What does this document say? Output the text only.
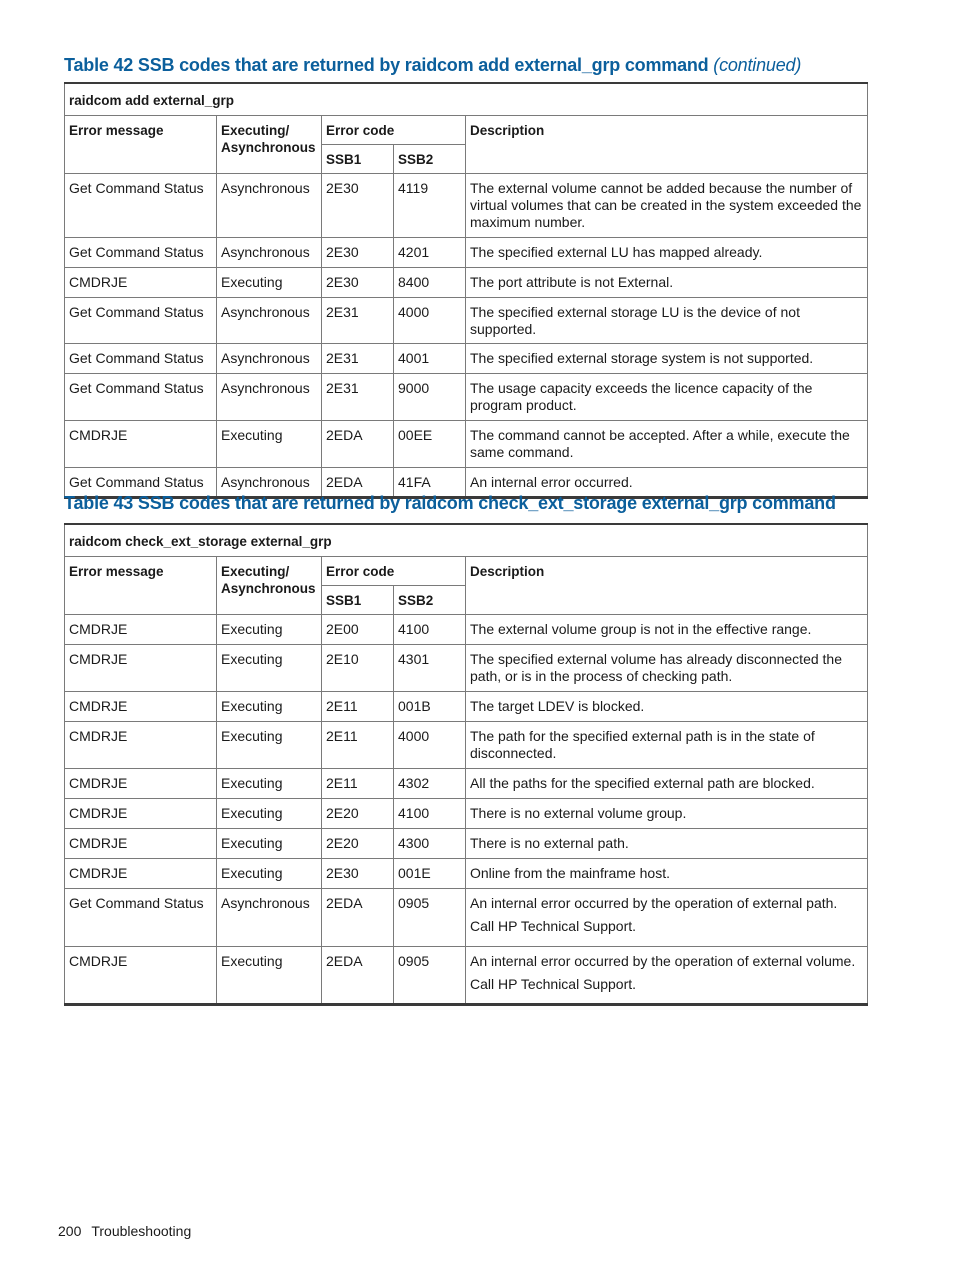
Table 42 SSB codes that are returned by raidcom add external_grp command (continued)
raidcom add external_grp				
Error message	Executing/ Asynchronous	Error code		Description
		SSB1	SSB2	
Get Command Status	Asynchronous	2E30	4119	The external volume cannot be added because the number of virtual volumes that can be created in the system exceeded the maximum number.
Get Command Status	Asynchronous	2E30	4201	The specified external LU has mapped already.
CMDRJE	Executing	2E30	8400	The port attribute is not External.
Get Command Status	Asynchronous	2E31	4000	The specified external storage LU is the device of not supported.
Get Command Status	Asynchronous	2E31	4001	The specified external storage system is not supported.
Get Command Status	Asynchronous	2E31	9000	The usage capacity exceeds the licence capacity of the program product.
CMDRJE	Executing	2EDA	00EE	The command cannot be accepted. After a while, execute the same command.
Get Command Status	Asynchronous	2EDA	41FA	An internal error occurred.
Table 43 SSB codes that are returned by raidcom check_ext_storage external_grp command
raidcom check_ext_storage external_grp				
Error message	Executing/ Asynchronous	Error code		Description
		SSB1	SSB2	
CMDRJE	Executing	2E00	4100	The external volume group is not in the effective range.
CMDRJE	Executing	2E10	4301	The specified external volume has already disconnected the path, or is in the process of checking path.
CMDRJE	Executing	2E11	001B	The target LDEV is blocked.
CMDRJE	Executing	2E11	4000	The path for the specified external path is in the state of disconnected.
CMDRJE	Executing	2E11	4302	All the paths for the specified external path are blocked.
CMDRJE	Executing	2E20	4100	There is no external volume group.
CMDRJE	Executing	2E20	4300	There is no external path.
CMDRJE	Executing	2E30	001E	Online from the mainframe host.
Get Command Status	Asynchronous	2EDA	0905	An internal error occurred by the operation of external path.
Call HP Technical Support.

CMDRJE	Executing	2EDA	0905	An internal error occurred by the operation of external volume.
Call HP Technical Support.
200 Troubleshooting
